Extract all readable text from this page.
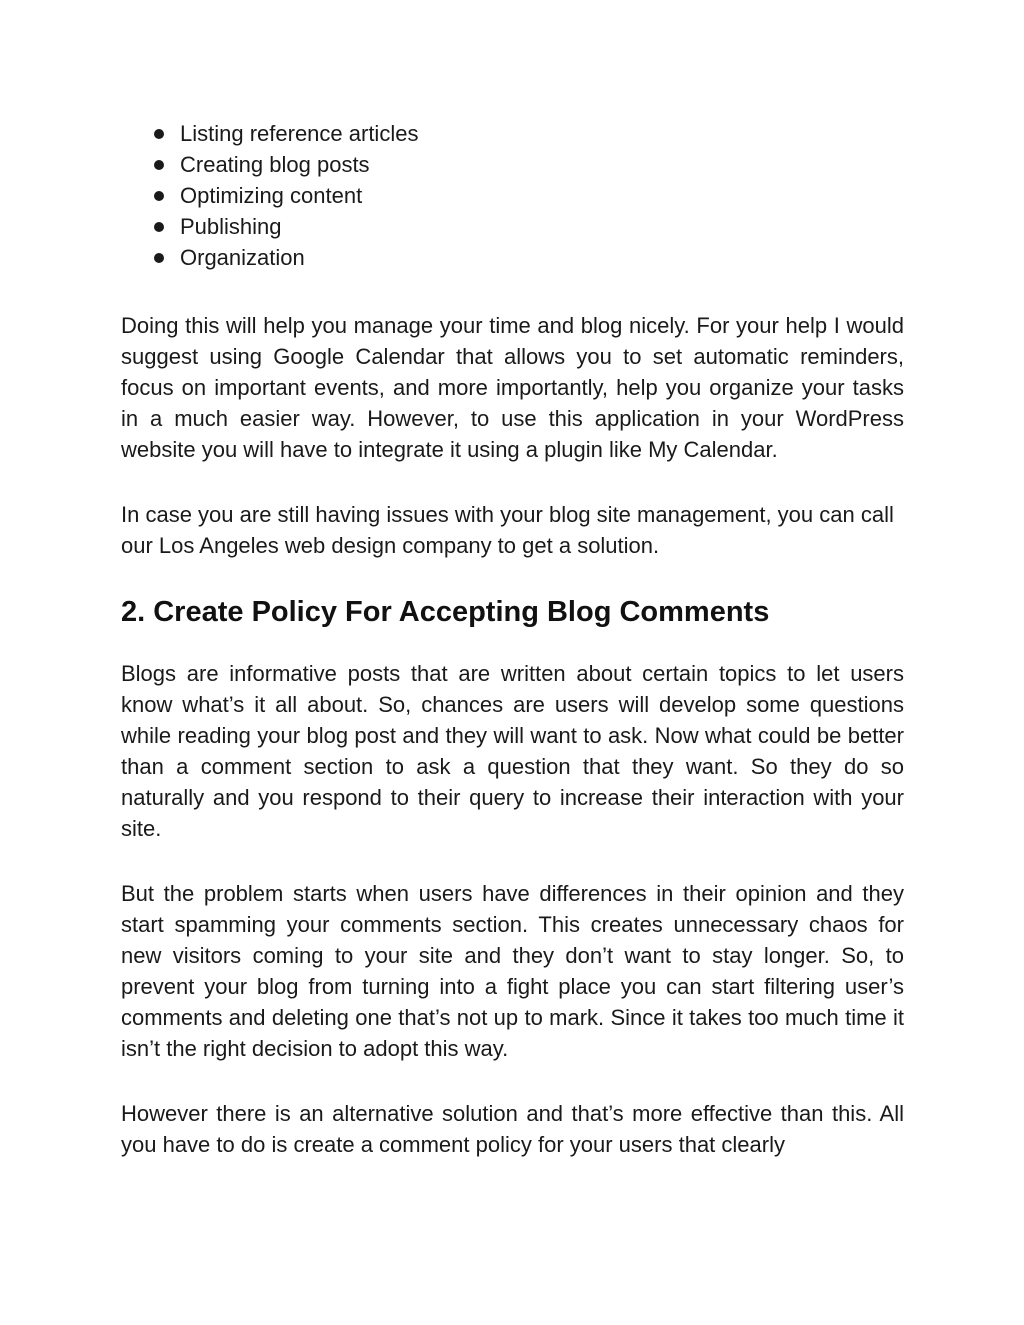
Listing reference articles
Creating blog posts
Optimizing content
Publishing
Organization

Doing this will help you manage your time and blog nicely. For your help I would suggest using Google Calendar that allows you to set automatic reminders, focus on important events, and more importantly, help you organize your tasks in a much easier way. However, to use this application in your WordPress website you will have to integrate it using a plugin like My Calendar.

In case you are still having issues with your blog site management, you can call our Los Angeles web design company to get a solution.

2. Create Policy For Accepting Blog Comments

Blogs are informative posts that are written about certain topics to let users know what’s it all about. So, chances are users will develop some questions while reading your blog post and they will want to ask. Now what could be better than a comment section to ask a question that they want. So they do so naturally and you respond to their query to increase their interaction with your site.

But the problem starts when users have differences in their opinion and they start spamming your comments section. This creates unnecessary chaos for new visitors coming to your site and they don’t want to stay longer. So, to prevent your blog from turning into a fight place you can start filtering user’s comments and deleting one that’s not up to mark. Since it takes too much time it isn’t the right decision to adopt this way.

However there is an alternative solution and that’s more effective than this. All you have to do is create a comment policy for your users that clearly
